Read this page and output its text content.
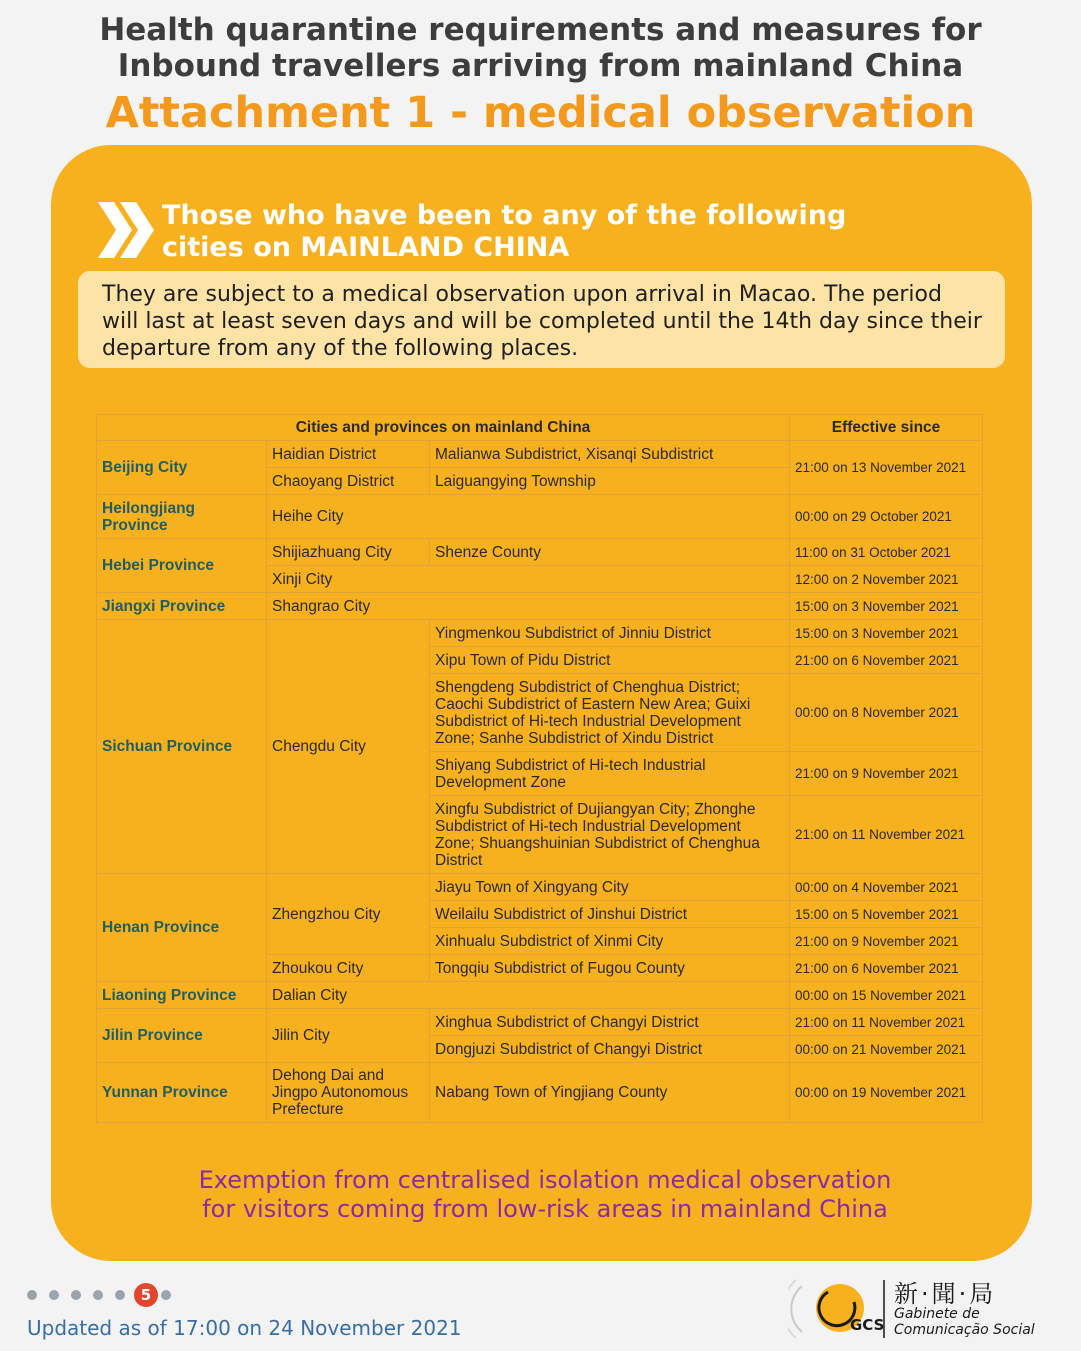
Health quarantine requirements and measures for
Inbound travellers arriving from mainland China
Attachment 1 - medical observation
Those who have been to any of the following
cities on MAINLAND CHINA
They are subject to a medical observation upon arrival in Macao. The period
will last at least seven days and will be completed until the 14th day since their
departure from any of the following places.
Cities and provinces on mainland China			Effective since
Beijing City	Haidian District	Malianwa Subdistrict, Xisanqi Subdistrict	21:00 on 13 November 2021
	Chaoyang District	Laiguangying Township	
Heilongjiang Province	Heihe City		00:00 on 29 October 2021
Hebei Province	Shijiazhuang City	Shenze County	11:00 on 31 October 2021
	Xinji City		12:00 on 2 November 2021
Jiangxi Province	Shangrao City		15:00 on 3 November 2021
Sichuan Province	Chengdu City	Yingmenkou Subdistrict of Jinniu District	15:00 on 3 November 2021
		Xipu Town of Pidu District	21:00 on 6 November 2021
		Shengdeng Subdistrict of Chenghua District; Caochi Subdistrict of Eastern New Area; Guixi Subdistrict of Hi-tech Industrial Development Zone; Sanhe Subdistrict of Xindu District	00:00 on 8 November 2021
		Shiyang Subdistrict of Hi-tech Industrial Development Zone	21:00 on 9 November 2021
		Xingfu Subdistrict of Dujiangyan City; Zhonghe Subdistrict of Hi-tech Industrial Development Zone; Shuangshuinian Subdistrict of Chenghua District	21:00 on 11 November 2021
Henan Province	Zhengzhou City	Jiayu Town of Xingyang City	00:00 on 4 November 2021
		Weilailu Subdistrict of Jinshui District	15:00 on 5 November 2021
		Xinhualu Subdistrict of Xinmi City	21:00 on 9 November 2021
	Zhoukou City	Tongqiu Subdistrict of Fugou County	21:00 on 6 November 2021
Liaoning Province	Dalian City		00:00 on 15 November 2021
Jilin Province	Jilin City	Xinghua Subdistrict of Changyi District	21:00 on 11 November 2021
		Dongjuzi Subdistrict of Changyi District	00:00 on 21 November 2021
Yunnan Province	Dehong Dai and Jingpo Autonomous Prefecture	Nabang Town of Yingjiang County	00:00 on 19 November 2021
Exemption from centralised isolation medical observation
for visitors coming from low-risk areas in mainland China
5
Updated as of 17:00 on 24 November 2021	GCS
新·聞·局
Gabinete de
Comunicação Social
